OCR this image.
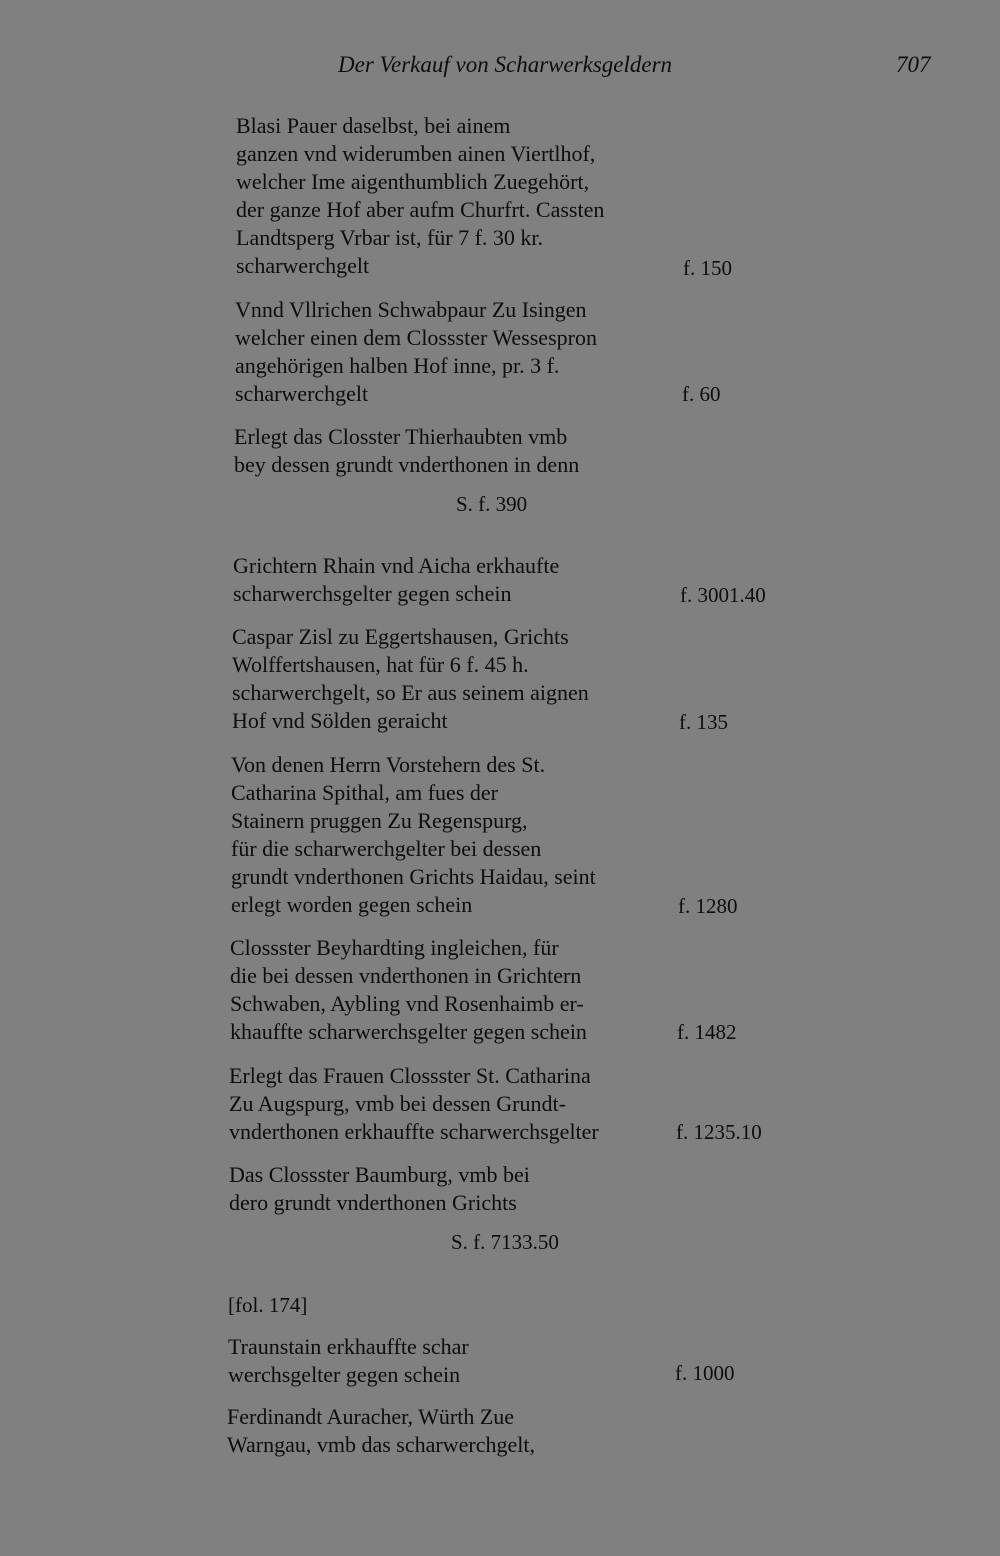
Der Verkauf von Scharwerksgeldern	707
Blasi Pauer daselbst, bei ainem
ganzen vnd widerumben ainen Viertlhof,
welcher Ime aigenthumblich Zuegehört,
der ganze Hof aber aufm Churfrt. Cassten
Landtsperg Vrbar ist, für 7 f. 30 kr.
scharwerchgelt	f. 150
Vnnd Vllrichen Schwabpaur Zu Isingen
welcher einen dem Clossster Wessespron
angehörigen halben Hof inne, pr. 3 f.
scharwerchgelt	f. 60
Erlegt das Closster Thierhaubten vmb
bey dessen grundt vnderthonen in denn
S. f. 390
Grichtern Rhain vnd Aicha erkhaufte
scharwerchsgelter gegen schein	f. 3001.40
Caspar Zisl zu Eggertshausen, Grichts
Wolffertshausen, hat für 6 f. 45 h.
scharwerchgelt, so Er aus seinem aignen
Hof vnd Sölden geraicht	f. 135
Von denen Herrn Vorstehern des St.
Catharina Spithal, am fues der
Stainern pruggen Zu Regenspurg,
für die scharwerchgelter bei dessen
grundt vnderthonen Grichts Haidau, seint
erlegt worden gegen schein	f. 1280
Clossster Beyhardting ingleichen, für
die bei dessen vnderthonen in Grichtern
Schwaben, Aybling vnd Rosenhaimb er-
khauffte scharwerchsgelter gegen schein	f. 1482
Erlegt das Frauen Clossster St. Catharina
Zu Augspurg, vmb bei dessen Grundt-
vnderthonen erkhauffte scharwerchsgelter	f. 1235.10
Das Clossster Baumburg, vmb bei
dero grundt vnderthonen Grichts
S. f. 7133.50
[fol. 174]
Traunstain erkhauffte schar
werchsgelter gegen schein	f. 1000
Ferdinandt Auracher, Würth Zue
Warngau, vmb das scharwerchgelt,
